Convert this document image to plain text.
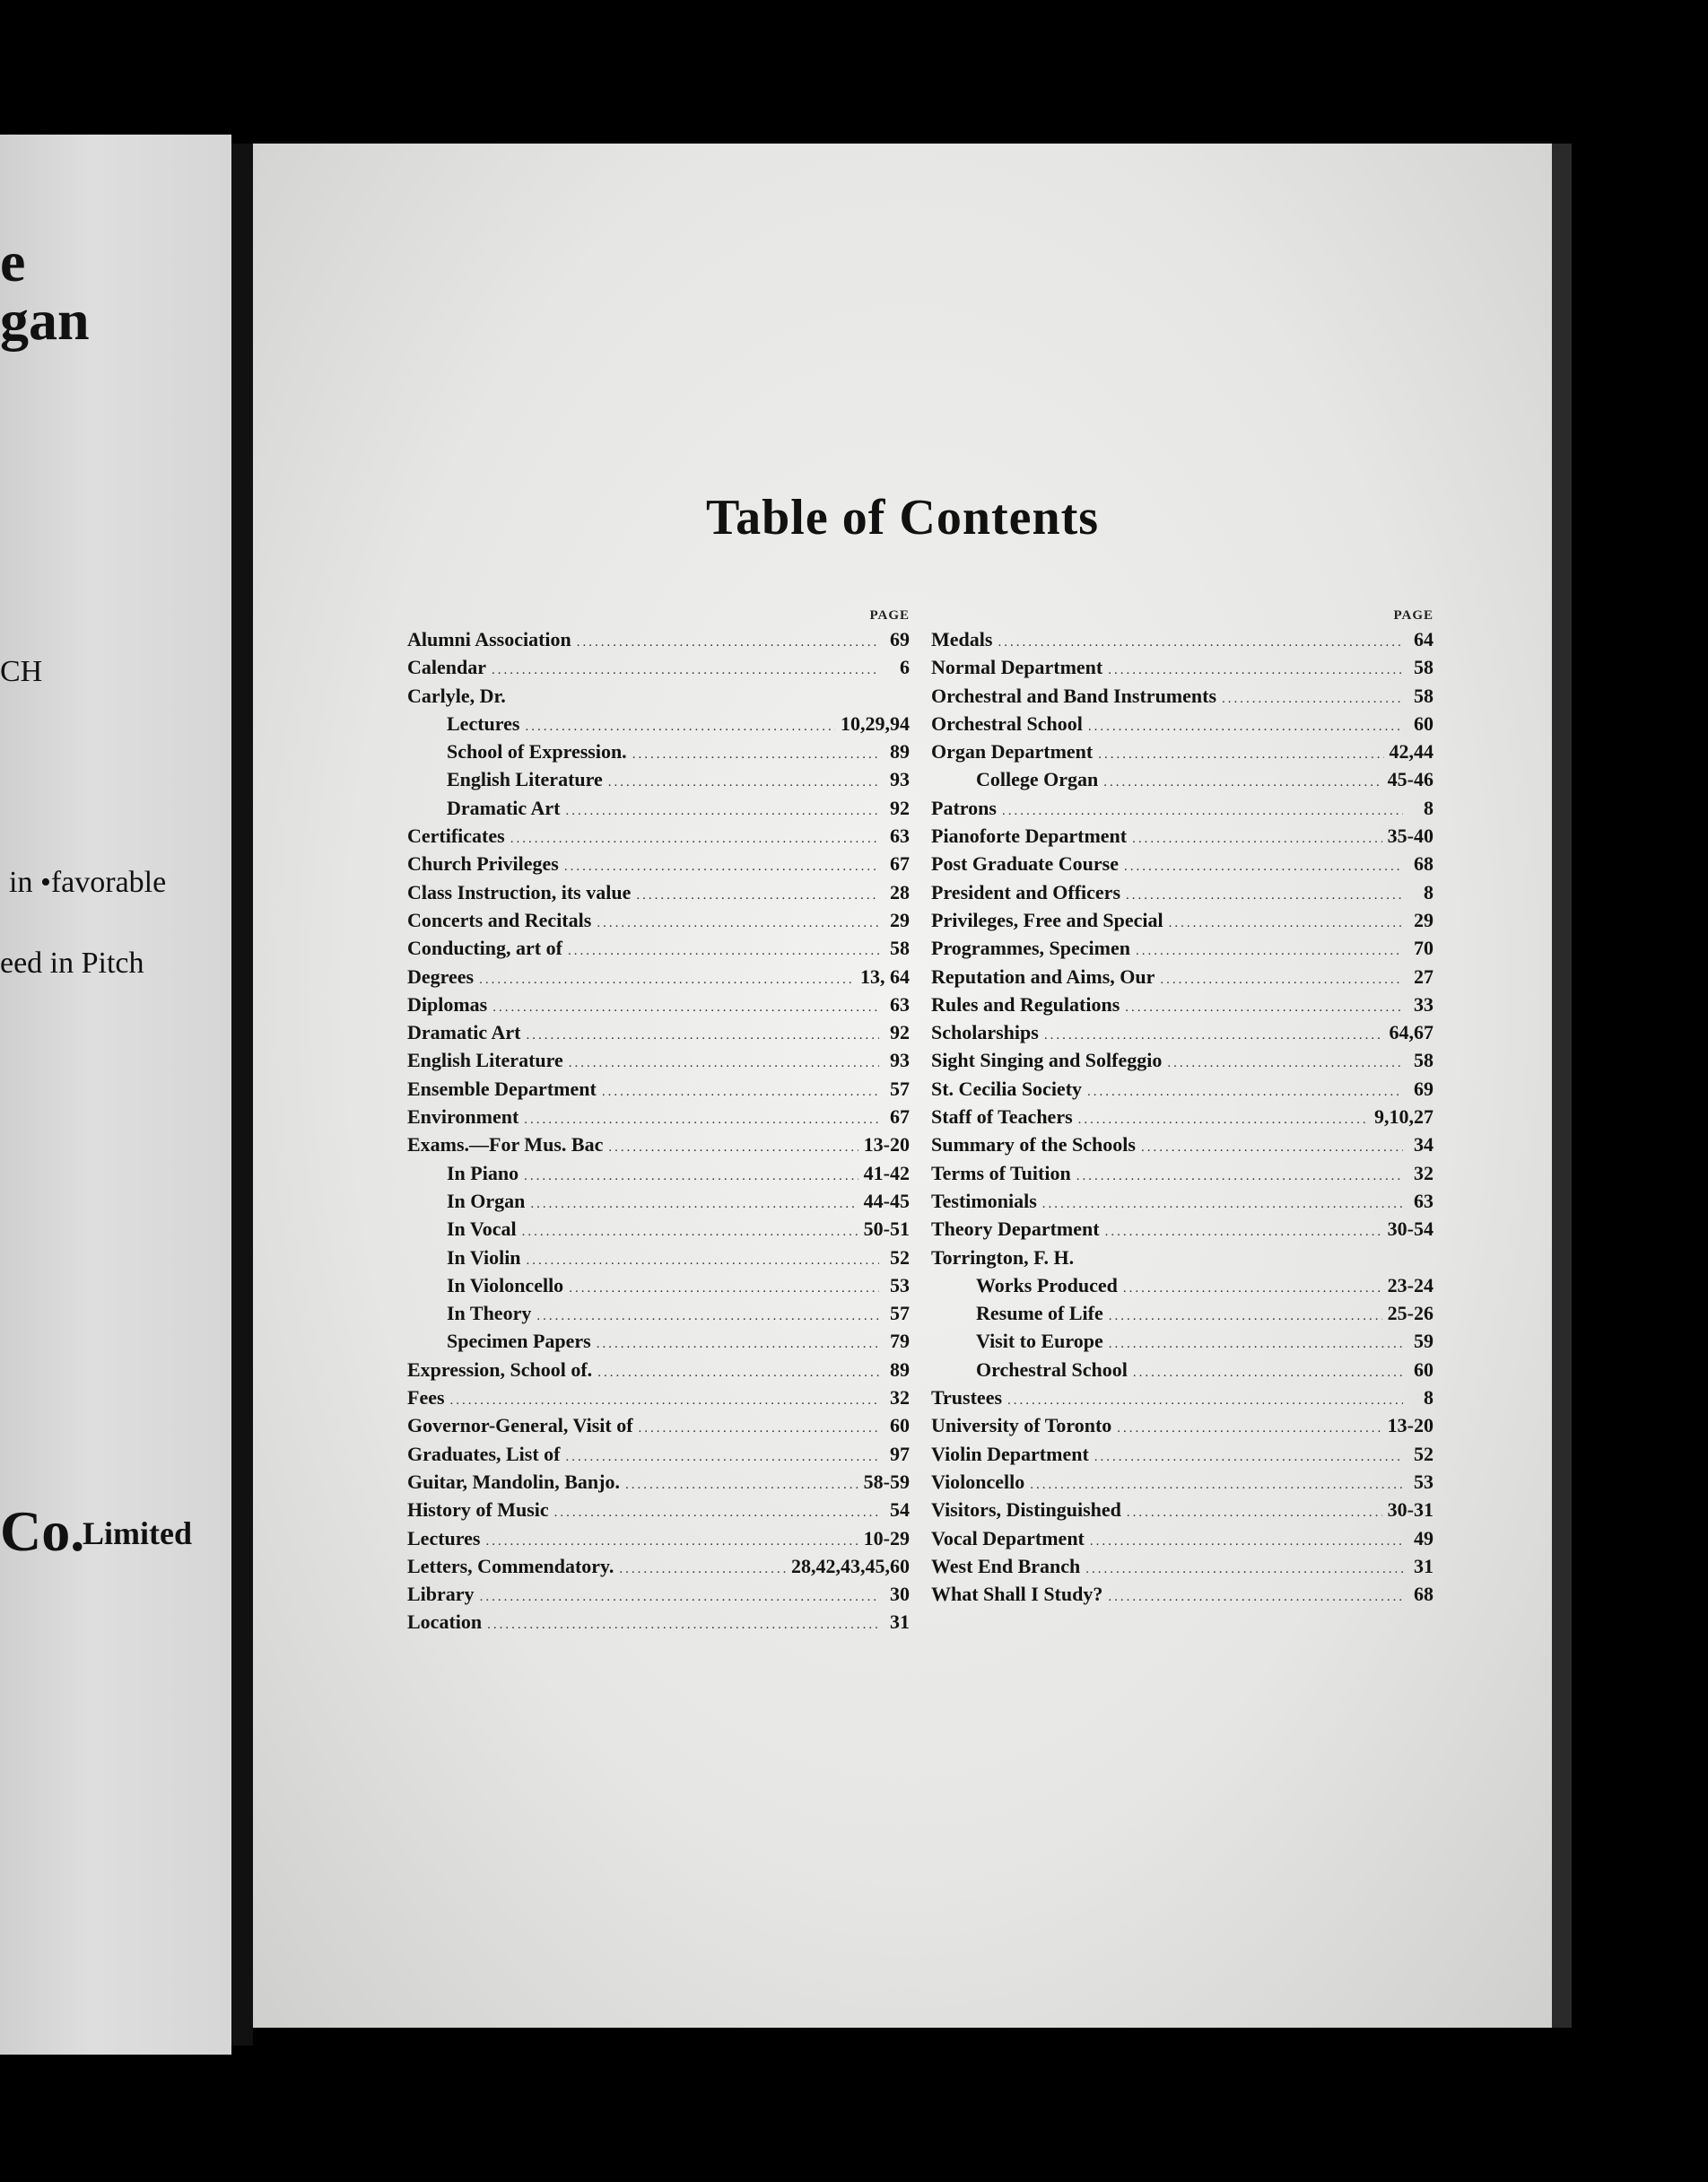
e
gan
CH
in •favorable
eed in Pitch
Co.
Limited
Table of Contents
PAGE
Alumni Association .....	69
Calendar .....	6
Carlyle, Dr.
Lectures .....	10,29,94
School of Expression. .....	89
English Literature .....	93
Dramatic Art .....	92
Certificates .....	63
Church Privileges .....	67
Class Instruction, its value .....	28
Concerts and Recitals .....	29
Conducting, art of .....	58
Degrees .....	13, 64
Diplomas .....	63
Dramatic Art .....	92
English Literature .....	93
Ensemble Department .....	57
Environment .....	67
Exams.—For Mus. Bac .....	13-20
In Piano .....	41-42
In Organ .....	44-45
In Vocal .....	50-51
In Violin .....	52
In Violoncello .....	53
In Theory .....	57
Specimen Papers .....	79
Expression, School of. .....	89
Fees .....	32
Governor-General, Visit of .....	60
Graduates, List of .....	97
Guitar, Mandolin, Banjo. .....	58-59
History of Music .....	54
Lectures .....	10-29
Letters, Commendatory. .....	28,42,43,45,60
Library .....	30
Location .....	31
PAGE
Medals .....	64
Normal Department .....	58
Orchestral and Band Instruments .....	58
Orchestral School .....	60
Organ Department .....	42,44
College Organ .....	45-46
Patrons .....	8
Pianoforte Department .....	35-40
Post Graduate Course .....	68
President and Officers .....	8
Privileges, Free and Special .....	29
Programmes, Specimen .....	70
Reputation and Aims, Our .....	27
Rules and Regulations .....	33
Scholarships .....	64,67
Sight Singing and Solfeggio .....	58
St. Cecilia Society .....	69
Staff of Teachers .....	9,10,27
Summary of the Schools .....	34
Terms of Tuition .....	32
Testimonials .....	63
Theory Department .....	30-54
Torrington, F. H.
Works Produced .....	23-24
Resume of Life .....	25-26
Visit to Europe .....	59
Orchestral School .....	60
Trustees .....	8
University of Toronto .....	13-20
Violin Department .....	52
Violoncello .....	53
Visitors, Distinguished .....	30-31
Vocal Department .....	49
West End Branch .....	31
What Shall I Study? .....	68
